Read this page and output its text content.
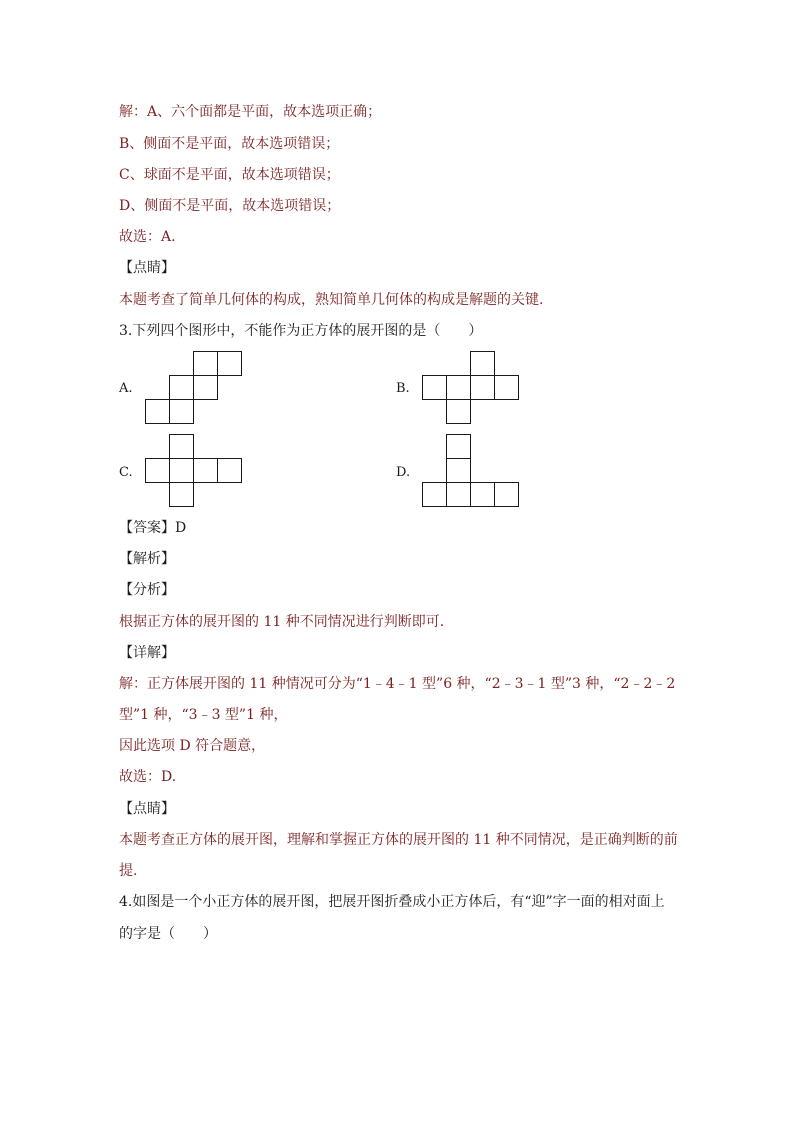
解：A、六个面都是平面，故本选项正确；
B、侧面不是平面，故本选项错误；
C、球面不是平面，故本选项错误；
D、侧面不是平面，故本选项错误；
故选：A.
【点睛】
本题考查了简单几何体的构成，熟知简单几何体的构成是解题的关键.
3.下列四个图形中，不能作为正方体的展开图的是（　　）
A.	B.
C.	D.
【答案】D
【解析】
【分析】
根据正方体的展开图的 11 种不同情况进行判断即可.
【详解】
解：正方体展开图的 11 种情况可分为“1﹣4﹣1 型”6 种，“2﹣3﹣1 型”3 种，“2﹣2﹣2
型”1 种，“3﹣3 型”1 种，
因此选项 D 符合题意，
故选：D.
【点睛】
本题考查正方体的展开图，理解和掌握正方体的展开图的 11 种不同情况，是正确判断的前
提.
4.如图是一个小正方体的展开图，把展开图折叠成小正方体后，有“迎”字一面的相对面上
的字是（　　）
